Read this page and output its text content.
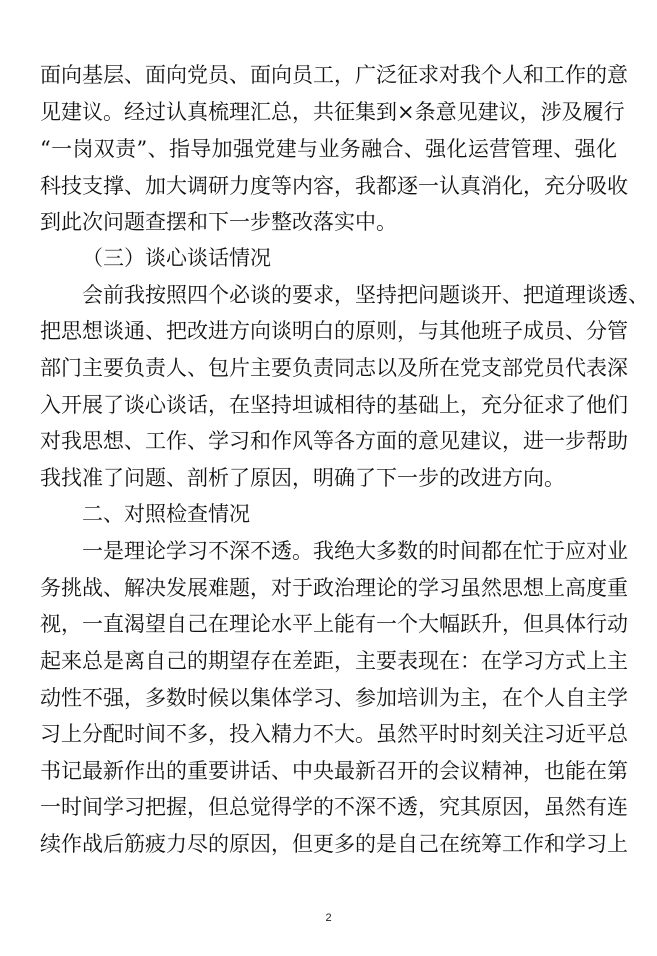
面向基层、面向党员、面向员工，广泛征求对我个人和工作的意
见建议。经过认真梳理汇总，共征集到×条意见建议，涉及履行
“一岗双责”、指导加强党建与业务融合、强化运营管理、强化
科技支撑、加大调研力度等内容，我都逐一认真消化，充分吸收
到此次问题查摆和下一步整改落实中。
（三）谈心谈话情况
会前我按照四个必谈的要求，坚持把问题谈开、把道理谈透、
把思想谈通、把改进方向谈明白的原则，与其他班子成员、分管
部门主要负责人、包片主要负责同志以及所在党支部党员代表深
入开展了谈心谈话，在坚持坦诚相待的基础上，充分征求了他们
对我思想、工作、学习和作风等各方面的意见建议，进一步帮助
我找准了问题、剖析了原因，明确了下一步的改进方向。
二、对照检查情况
一是理论学习不深不透。我绝大多数的时间都在忙于应对业
务挑战、解决发展难题，对于政治理论的学习虽然思想上高度重
视，一直渴望自己在理论水平上能有一个大幅跃升，但具体行动
起来总是离自己的期望存在差距，主要表现在：在学习方式上主
动性不强，多数时候以集体学习、参加培训为主，在个人自主学
习上分配时间不多，投入精力不大。虽然平时时刻关注习近平总
书记最新作出的重要讲话、中央最新召开的会议精神，也能在第
一时间学习把握，但总觉得学的不深不透，究其原因，虽然有连
续作战后筋疲力尽的原因，但更多的是自己在统筹工作和学习上
2
